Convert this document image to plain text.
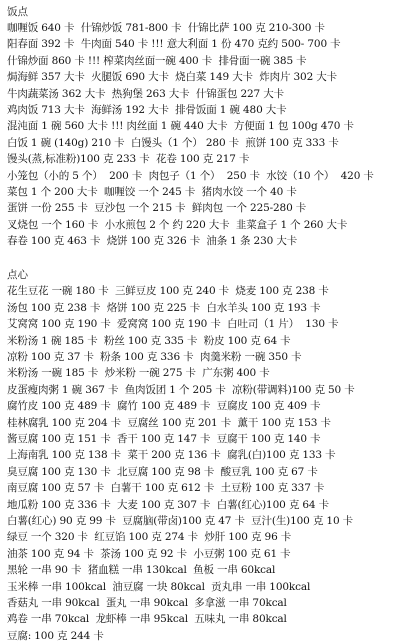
饭点
咖喱饭 640 卡  什锦炒饭 781-800 卡  什锦比萨 100 克 210-300 卡
阳春面 392 卡  牛肉面 540 卡 !!! 意大利面 1 份 470 克约 500- 700 卡
什锦炒面 860 卡 !!! 榨菜肉丝面一碗 400 卡  排骨面一碗 385 卡
焗海鲜 357 大卡  火腿饭 690 大卡  烧白菜 149 大卡  炸肉片 302 大卡
牛肉蔬菜汤 362 大卡  热狗堡 263 大卡  什锦蛋包 227 大卡
鸡肉饭 713 大卡  海鲜汤 192 大卡  排骨饭面 1 碗 480 大卡
混沌面 1 碗 560 大卡 !!! 肉丝面 1 碗 440 大卡  方便面 1 包 100g 470 卡
白饭 1 碗 (140g) 210 卡  白馒头（1 个） 280 卡  煎饼 100 克 333 卡
馒头(蒸,标准粉)100 克 233 卡  花卷 100 克 217 卡
小笼包（小的 5 个）  200 卡  肉包子（1 个）  250 卡  水饺（10 个）  420 卡
菜包 1 个 200 大卡  咖喱饺 一个 245 卡  猪肉水饺 一个 40 卡
蛋饼 一份 255 卡  豆沙包 一个 215 卡  鲜肉包 一个 225-280 卡
叉烧包 一个 160 卡  小水煎包 2 个 约 220 大卡  韭菜盒子 1 个 260 大卡
春卷 100 克 463 卡  烧饼 100 克 326 卡  油条 1 条 230 大卡
点心
花生豆花 一碗 180 卡  三鲜豆皮 100 克 240 卡  烧麦 100 克 238 卡
汤包 100 克 238 卡  烙饼 100 克 225 卡  白水羊头 100 克 193 卡
艾窝窝 100 克 190 卡  爱窝窝 100 克 190 卡  白吐司（1 片）  130 卡
米粉汤 1 碗 185 卡  粉丝 100 克 335 卡  粉皮 100 克 64 卡
凉粉 100 克 37 卡  粉条 100 克 336 卡  肉羹米粉 一碗 350 卡
米粉汤 一碗 185 卡  炒米粉 一碗 275 卡  广东粥 400 卡
皮蛋瘦肉粥 1 碗 367 卡  鱼肉饭团 1 个 205 卡  凉粉(带调料)100 克 50 卡
腐竹皮 100 克 489 卡  腐竹 100 克 489 卡  豆腐皮 100 克 409 卡
桂林腐乳 100 克 204 卡  豆腐丝 100 克 201 卡  薰干 100 克 153 卡
酱豆腐 100 克 151 卡  香干 100 克 147 卡  豆腐干 100 克 140 卡
上海南乳 100 克 138 卡  菜干 200 克 136 卡  腐乳(白)100 克 133 卡
臭豆腐 100 克 130 卡  北豆腐 100 克 98 卡  酸豆乳 100 克 67 卡
南豆腐 100 克 57 卡  白薯干 100 克 612 卡  土豆粉 100 克 337 卡
地瓜粉 100 克 336 卡  大麦 100 克 307 卡  白薯(红心)100 克 64 卡
白薯(红心) 90 克 99 卡  豆腐脑(带卤)100 克 47 卡  豆汁(生)100 克 10 卡
绿豆 一个 320 卡  红豆馅 100 克 274 卡  炒肝 100 克 96 卡
油茶 100 克 94 卡  茶汤 100 克 92 卡  小豆粥 100 克 61 卡
黑轮 一串 90 卡  猪血糕 一串 130kcal  鱼板 一串 60kcal
玉米棒 一串 100kcal  油豆腐 一块 80kcal  贡丸串 一串 100kcal
香菇丸 一串 90kcal  蛋丸 一串 90kcal  多拿滋 一串 70kcal
鸡卷 一串 70kcal  龙虾棒 一串 95kcal  五味丸 一串 80kcal
豆腐: 100 克 244 卡
